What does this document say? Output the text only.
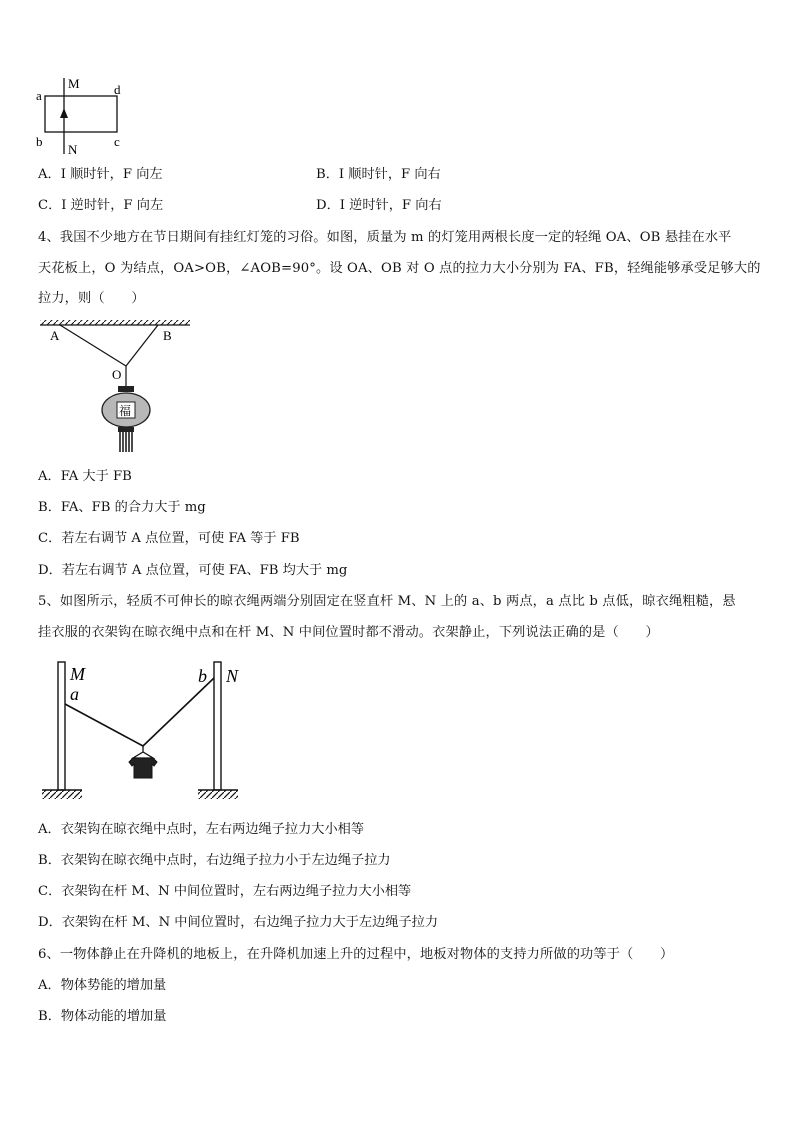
M
N
a
b	c
d
A．I 顺时针，F 向左	B．I 顺时针，F 向右
C．I 逆时针，F 向左	D．I 逆时针，F 向右
4、我国不少地方在节日期间有挂红灯笼的习俗。如图，质量为 m 的灯笼用两根长度一定的轻绳 OA、OB 悬挂在水平
天花板上，O 为结点，OA>OB，∠AOB=90°。设 OA、OB 对 O 点的拉力大小分别为 FA、FB，轻绳能够承受足够大的
拉力，则（　　）
A	B
O
福
A．FA 大于 FB
B．FA、FB 的合力大于 mg
C．若左右调节 A 点位置，可使 FA 等于 FB
D．若左右调节 A 点位置，可使 FA、FB 均大于 mg
5、如图所示，轻质不可伸长的晾衣绳两端分别固定在竖直杆 M、N 上的 a、b 两点，a 点比 b 点低，晾衣绳粗糙，悬
挂衣服的衣架钩在晾衣绳中点和在杆 M、N 中间位置时都不滑动。衣架静止，下列说法正确的是（　　）
M	N
a
b
A．衣架钩在晾衣绳中点时，左右两边绳子拉力大小相等
B．衣架钩在晾衣绳中点时，右边绳子拉力小于左边绳子拉力
C．衣架钩在杆 M、N 中间位置时，左右两边绳子拉力大小相等
D．衣架钩在杆 M、N 中间位置时，右边绳子拉力大于左边绳子拉力
6、一物体静止在升降机的地板上，在升降机加速上升的过程中，地板对物体的支持力所做的功等于（　　）
A．物体势能的增加量
B．物体动能的增加量
